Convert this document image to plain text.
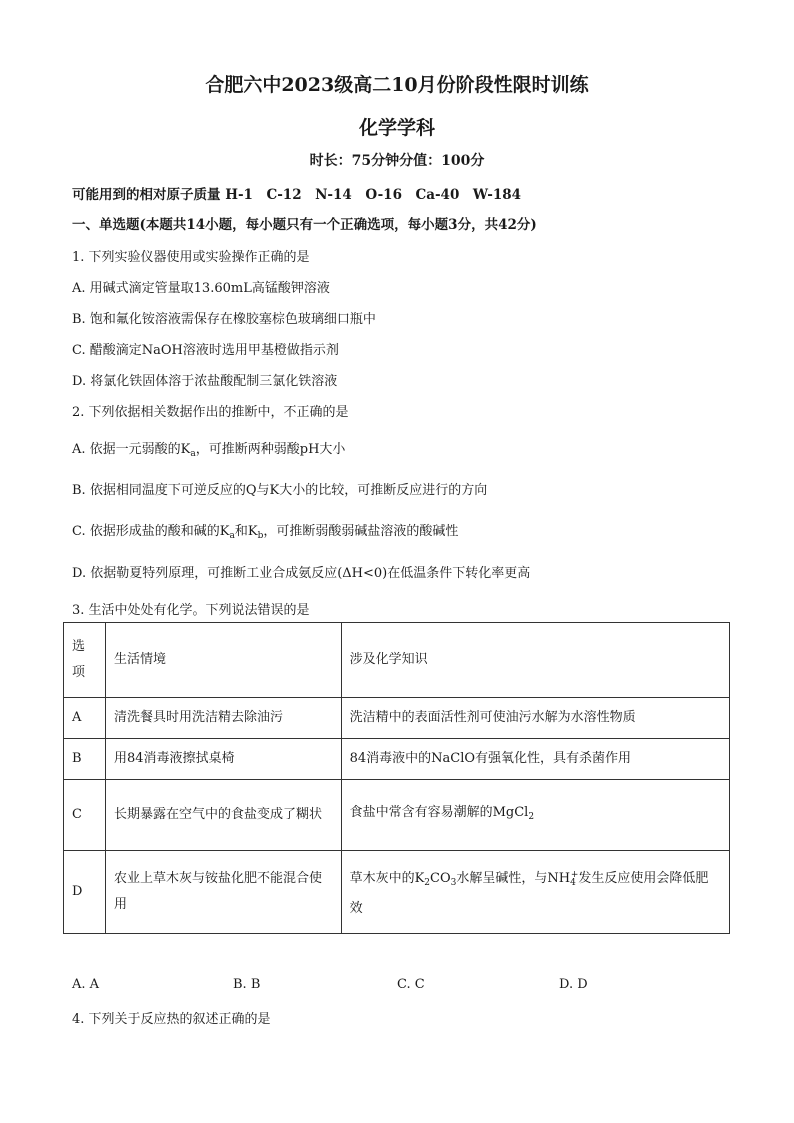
合肥六中2023级高二10月份阶段性限时训练
化学学科
时长：75分钟分值：100分
可能用到的相对原子质量 H-1　C-12　N-14　O-16　Ca-40　W-184
一、单选题(本题共14小题，每小题只有一个正确选项，每小题3分，共42分)
1. 下列实验仪器使用或实验操作正确的是
A. 用碱式滴定管量取13.60mL高锰酸钾溶液
B. 饱和氟化铵溶液需保存在橡胶塞棕色玻璃细口瓶中
C. 醋酸滴定NaOH溶液时选用甲基橙做指示剂
D. 将氯化铁固体溶于浓盐酸配制三氯化铁溶液
2. 下列依据相关数据作出的推断中，不正确的是
A. 依据一元弱酸的$K_a$，可推断两种弱酸pH大小
B. 依据相同温度下可逆反应的Q与K大小的比较，可推断反应进行的方向
C. 依据形成盐的酸和碱的$K_a$和$K_b$，可推断弱酸弱碱盐溶液的酸碱性
D. 依据勒夏特列原理，可推断工业合成氨反应(ΔH<0)在低温条件下转化率更高
3. 生活中处处有化学。下列说法错误的是
选项	生活情境	涉及化学知识
A	清洗餐具时用洗洁精去除油污	洗洁精中的表面活性剂可使油污水解为水溶性物质
B	用84消毒液擦拭桌椅	84消毒液中的NaClO有强氧化性，具有杀菌作用
C	长期暴露在空气中的食盐变成了糊状	食盐中常含有容易潮解的MgCl$_2$
D	农业上草木灰与铵盐化肥不能混合使用	草木灰中的$K_2CO_3$水解呈碱性，与$NH_4^+$发生反应使用会降低肥效
A. A	B. B	C. C	D. D
4. 下列关于反应热的叙述正确的是
